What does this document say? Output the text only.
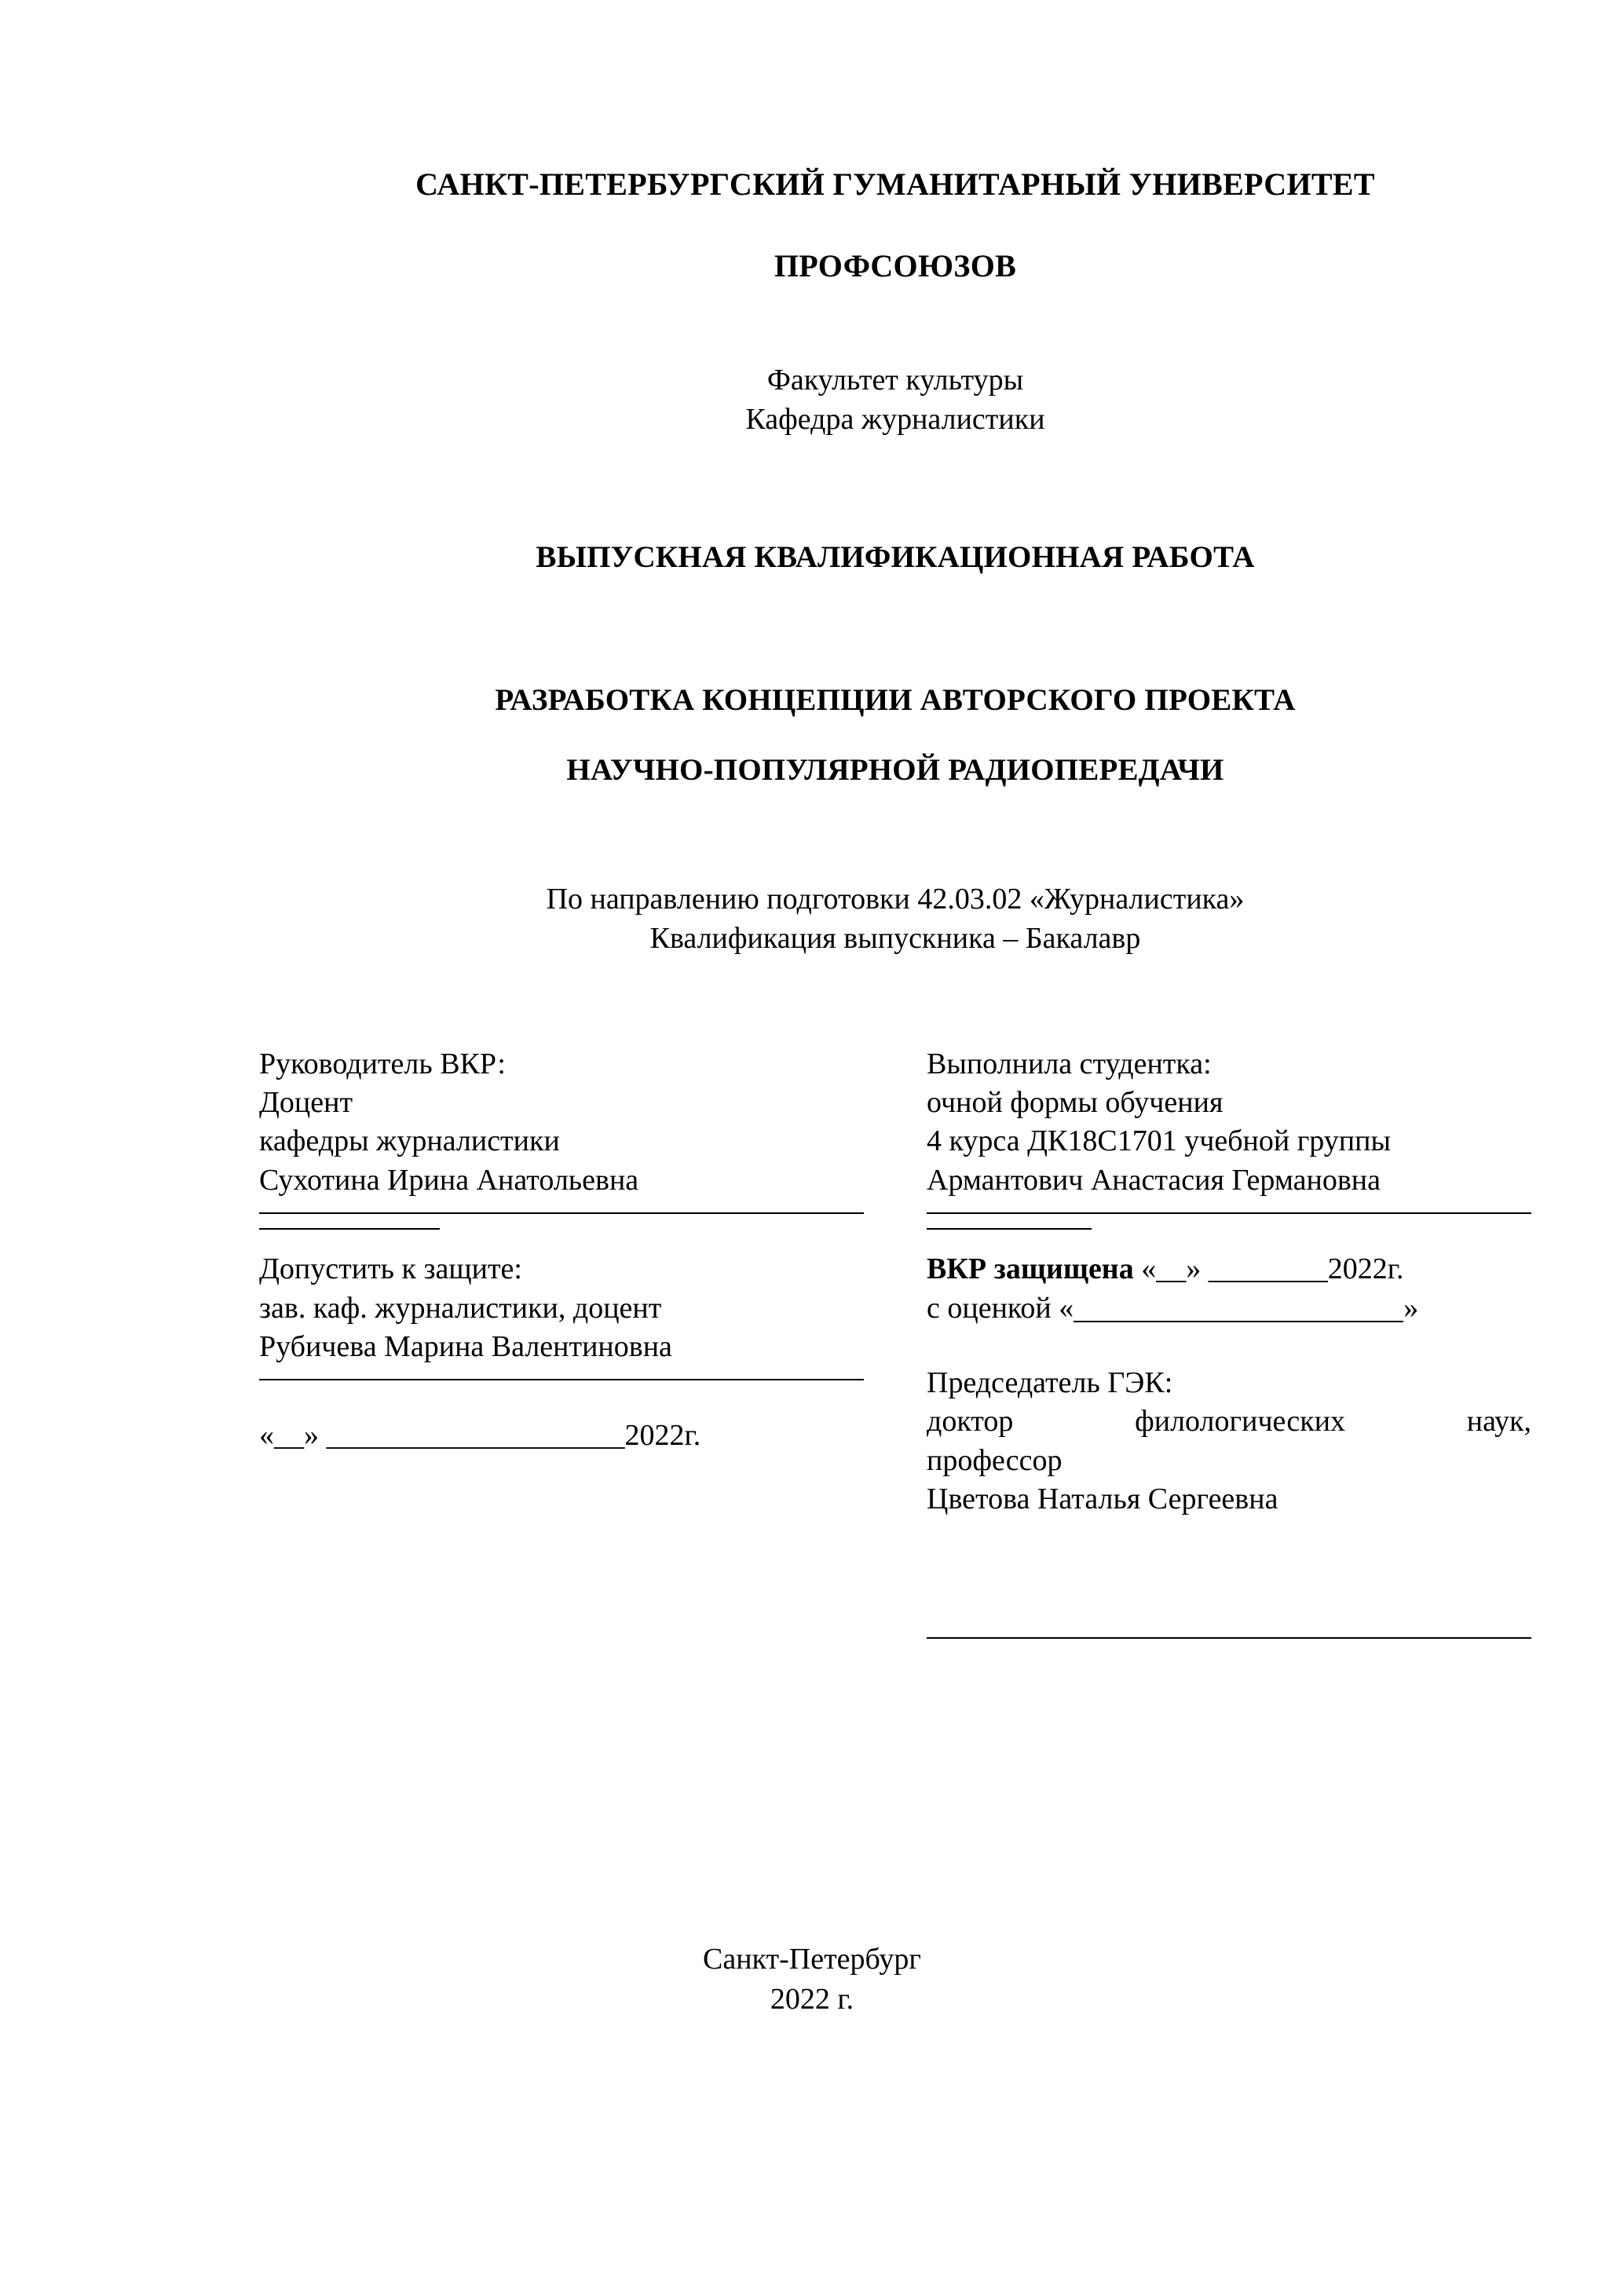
САНКТ-ПЕТЕРБУРГСКИЙ ГУМАНИТАРНЫЙ УНИВЕРСИТЕТ
ПРОФСОЮЗОВ
Факультет культуры
Кафедра журналистики
ВЫПУСКНАЯ КВАЛИФИКАЦИОННАЯ РАБОТА
РАЗРАБОТКА КОНЦЕПЦИИ АВТОРСКОГО ПРОЕКТА
НАУЧНО-ПОПУЛЯРНОЙ РАДИОПЕРЕДАЧИ
По направлению подготовки 42.03.02 «Журналистика»
Квалификация выпускника – Бакалавр
Руководитель ВКР:
Доцент
кафедры журналистики
Сухотина Ирина Анатольевна
Допустить к защите:
зав. каф. журналистики, доцент
Рубичева Марина Валентиновна
«__» ____________________2022г.
Выполнила студентка:
очной формы обучения
4 курса ДК18С1701 учебной группы
Армантович Анастасия Германовна
ВКР защищена «__» ________2022г.
с оценкой «	»
Председатель ГЭК:
доктор	филологических	наук,
профессор
Цветова Наталья Сергеевна
Санкт-Петербург
2022 г.
